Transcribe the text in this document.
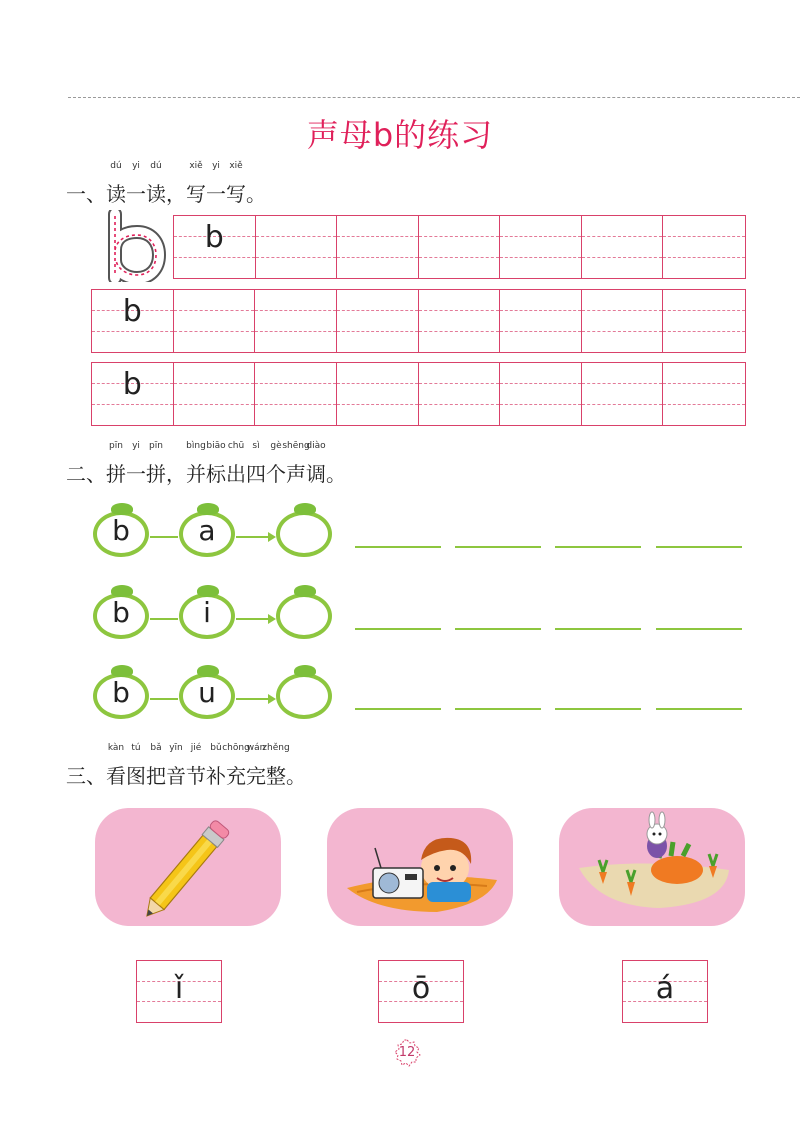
声母b的练习
一、
dú
读
yi
一
dú
读，
xiě
写
yi
一
xiě
写。
b
b
b
二、
pīn
拼
yi
一
pīn
拼，
bìng
并
biāo
标
chū
出
sì
四
gè
个
shēng
声
diào
调。
b	a
b	i
b	u
三、
kàn
看
tú
图
bǎ
把
yīn
音
jié
节
bǔ
补
chōng
充
wán
完
zhěng
整。
ǐ	ō	á
12
